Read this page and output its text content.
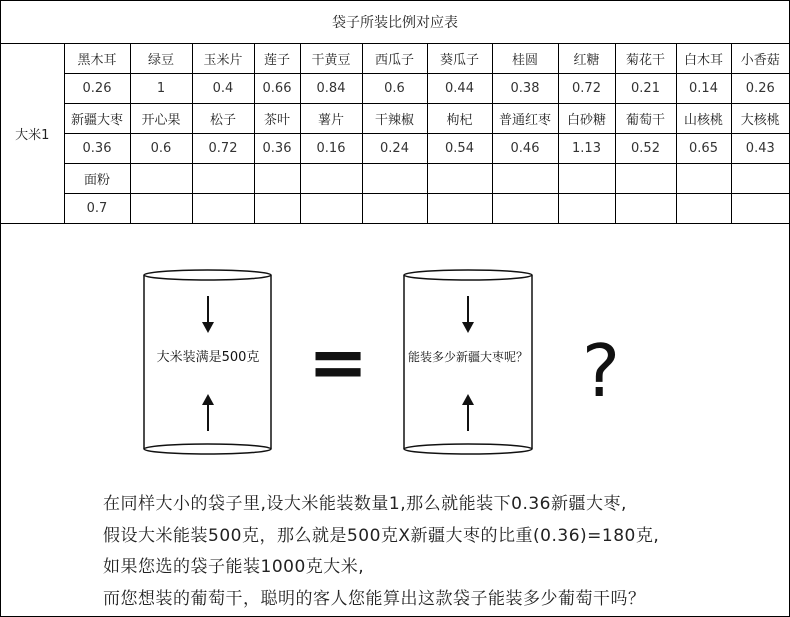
袋子所装比例对应表												
大米1	黑木耳	绿豆	玉米片	莲子	干黄豆	西瓜子	葵瓜子	桂圆	红糖	菊花干	白木耳	小香菇
	0.26	1	0.4	0.66	0.84	0.6	0.44	0.38	0.72	0.21	0.14	0.26
	新疆大枣	开心果	松子	茶叶	薯片	干辣椒	枸杞	普通红枣	白砂糖	葡萄干	山核桃	大核桃
	0.36	0.6	0.72	0.36	0.16	0.24	0.54	0.46	1.13	0.52	0.65	0.43
	面粉											
	0.7											
大米装满是500克 =	能装多少新疆大枣呢？ ?
在同样大小的袋子里,设大米能装数量1,那么就能装下0.36新疆大枣,
假设大米能装500克，那么就是500克X新疆大枣的比重(0.36)=180克,
如果您选的袋子能装1000克大米,
而您想装的葡萄干，聪明的客人您能算出这款袋子能装多少葡萄干吗？
